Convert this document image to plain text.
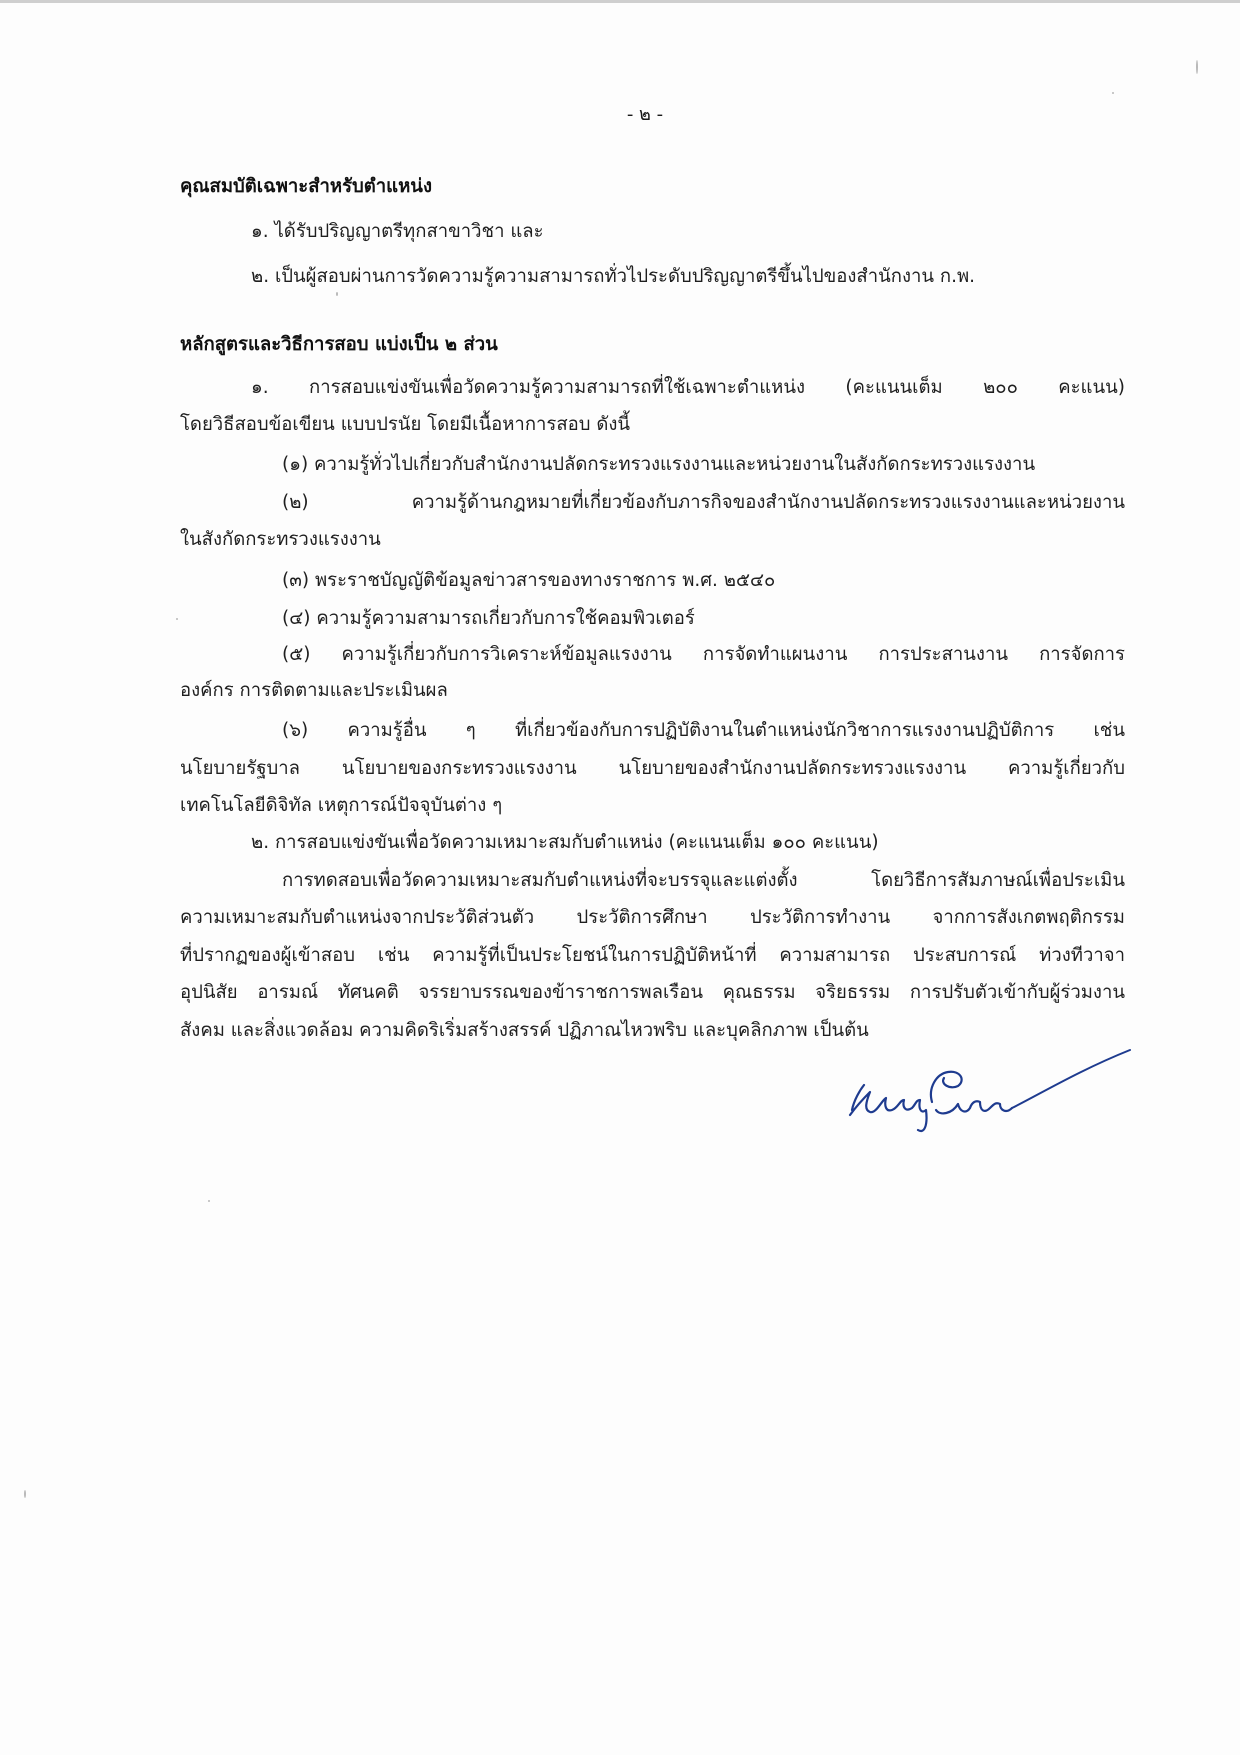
- ๒ -
คุณสมบัติเฉพาะสำหรับตำแหน่ง
๑. ได้รับปริญญาตรีทุกสาขาวิชา และ
๒. เป็นผู้สอบผ่านการวัดความรู้ความสามารถทั่วไประดับปริญญาตรีขึ้นไปของสำนักงาน ก.พ.
หลักสูตรและวิธีการสอบ แบ่งเป็น ๒ ส่วน
๑. การสอบแข่งขันเพื่อวัดความรู้ความสามารถที่ใช้เฉพาะตำแหน่ง (คะแนนเต็ม ๒๐๐ คะแนน)
โดยวิธีสอบข้อเขียน แบบปรนัย โดยมีเนื้อหาการสอบ ดังนี้
(๑) ความรู้ทั่วไปเกี่ยวกับสำนักงานปลัดกระทรวงแรงงานและหน่วยงานในสังกัดกระทรวงแรงงาน
(๒) ความรู้ด้านกฎหมายที่เกี่ยวข้องกับภารกิจของสำนักงานปลัดกระทรวงแรงงานและหน่วยงาน
ในสังกัดกระทรวงแรงงาน
(๓) พระราชบัญญัติข้อมูลข่าวสารของทางราชการ พ.ศ. ๒๕๔๐
(๔) ความรู้ความสามารถเกี่ยวกับการใช้คอมพิวเตอร์
(๕) ความรู้เกี่ยวกับการวิเคราะห์ข้อมูลแรงงาน การจัดทำแผนงาน การประสานงาน การจัดการ
องค์กร การติดตามและประเมินผล
(๖) ความรู้อื่น ๆ ที่เกี่ยวข้องกับการปฏิบัติงานในตำแหน่งนักวิชาการแรงงานปฏิบัติการ เช่น
นโยบายรัฐบาล นโยบายของกระทรวงแรงงาน นโยบายของสำนักงานปลัดกระทรวงแรงงาน ความรู้เกี่ยวกับ
เทคโนโลยีดิจิทัล เหตุการณ์ปัจจุบันต่าง ๆ
๒. การสอบแข่งขันเพื่อวัดความเหมาะสมกับตำแหน่ง (คะแนนเต็ม ๑๐๐ คะแนน)
การทดสอบเพื่อวัดความเหมาะสมกับตำแหน่งที่จะบรรจุและแต่งตั้ง โดยวิธีการสัมภาษณ์เพื่อประเมิน
ความเหมาะสมกับตำแหน่งจากประวัติส่วนตัว ประวัติการศึกษา ประวัติการทำงาน จากการสังเกตพฤติกรรม
ที่ปรากฏของผู้เข้าสอบ เช่น ความรู้ที่เป็นประโยชน์ในการปฏิบัติหน้าที่ ความสามารถ ประสบการณ์ ท่วงทีวาจา
อุปนิสัย อารมณ์ ทัศนคติ จรรยาบรรณของข้าราชการพลเรือน คุณธรรม จริยธรรม การปรับตัวเข้ากับผู้ร่วมงาน
สังคม และสิ่งแวดล้อม ความคิดริเริ่มสร้างสรรค์ ปฏิภาณไหวพริบ และบุคลิกภาพ เป็นต้น
